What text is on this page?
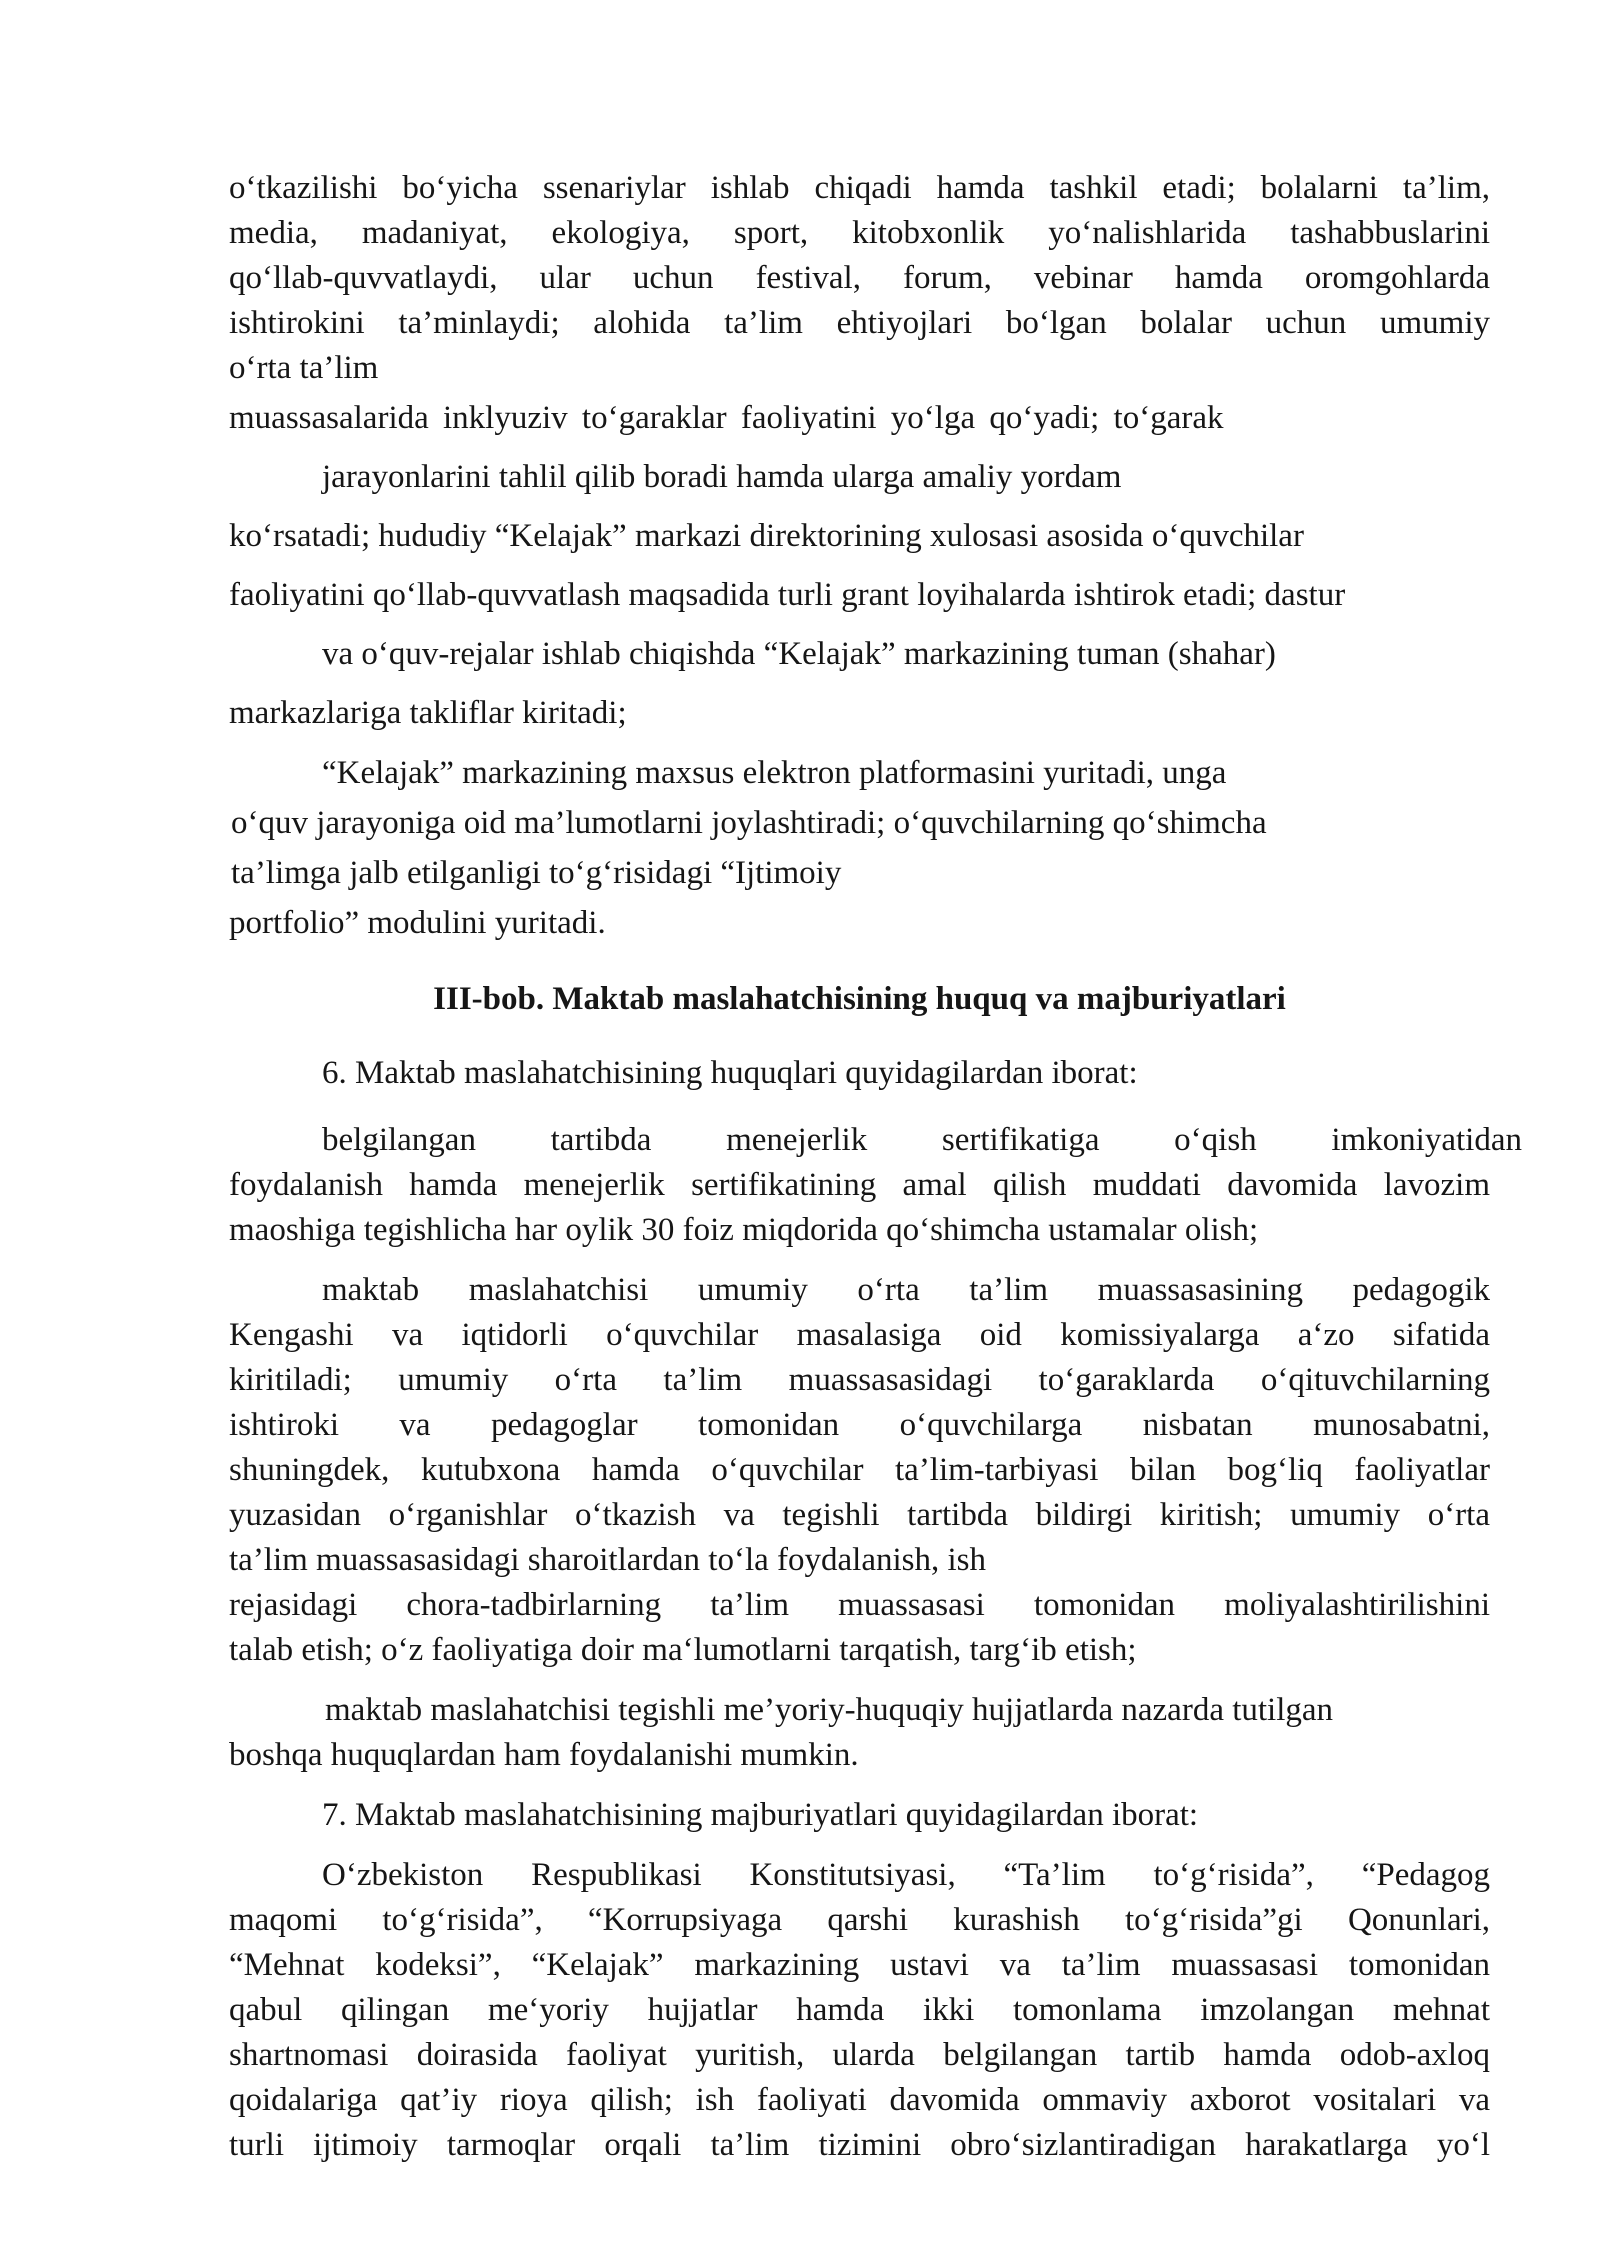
o‘tkazilishi bo‘yicha ssenariylar ishlab chiqadi hamda tashkil etadi; bolalarni ta’lim,
media, madaniyat, ekologiya, sport, kitobxonlik yo‘nalishlarida tashabbuslarini
qo‘llab-quvvatlaydi, ular uchun festival, forum, vebinar hamda oromgohlarda
ishtirokini ta’minlaydi; alohida ta’lim ehtiyojlari bo‘lgan bolalar uchun umumiy
o‘rta ta’lim
muassasalarida inklyuziv to‘garaklar faoliyatini yo‘lga qo‘yadi; to‘garak
jarayonlarini tahlil qilib boradi hamda ularga amaliy yordam
ko‘rsatadi; hududiy “Kelajak” markazi direktorining xulosasi asosida o‘quvchilar
faoliyatini qo‘llab-quvvatlash maqsadida turli grant loyihalarda ishtirok etadi; dastur
va o‘quv-rejalar ishlab chiqishda “Kelajak” markazining tuman (shahar)
markazlariga takliflar kiritadi;
“Kelajak” markazining maxsus elektron platformasini yuritadi, unga
o‘quv jarayoniga oid ma’lumotlarni joylashtiradi; o‘quvchilarning qo‘shimcha
ta’limga jalb etilganligi to‘g‘risidagi “Ijtimoiy
portfolio” modulini yuritadi.
III-bob. Maktab maslahatchisining huquq va majburiyatlari
6. Maktab maslahatchisining huquqlari quyidagilardan iborat:
belgilangan tartibda menejerlik sertifikatiga o‘qish imkoniyatidan
foydalanish hamda menejerlik sertifikatining amal qilish muddati davomida lavozim
maoshiga tegishlicha har oylik 30 foiz miqdorida qo‘shimcha ustamalar olish;
maktab maslahatchisi umumiy o‘rta ta’lim muassasasining pedagogik
Kengashi va iqtidorli o‘quvchilar masalasiga oid komissiyalarga a‘zo sifatida
kiritiladi; umumiy o‘rta ta’lim muassasasidagi to‘garaklarda o‘qituvchilarning
ishtiroki va pedagoglar tomonidan o‘quvchilarga nisbatan munosabatni,
shuningdek, kutubxona hamda o‘quvchilar ta’lim-tarbiyasi bilan bog‘liq faoliyatlar
yuzasidan o‘rganishlar o‘tkazish va tegishli tartibda bildirgi kiritish; umumiy o‘rta
ta’lim muassasasidagi sharoitlardan to‘la foydalanish, ish
rejasidagi chora-tadbirlarning ta’lim muassasasi tomonidan moliyalashtirilishini
talab etish; o‘z faoliyatiga doir ma‘lumotlarni tarqatish, targ‘ib etish;
maktab maslahatchisi tegishli me’yoriy-huquqiy hujjatlarda nazarda tutilgan
boshqa huquqlardan ham foydalanishi mumkin.
7. Maktab maslahatchisining majburiyatlari quyidagilardan iborat:
O‘zbekiston Respublikasi Konstitutsiyasi, “Ta’lim to‘g‘risida”, “Pedagog
maqomi to‘g‘risida”, “Korrupsiyaga qarshi kurashish to‘g‘risida”gi Qonunlari,
“Mehnat kodeksi”, “Kelajak” markazining ustavi va ta’lim muassasasi tomonidan
qabul qilingan me‘yoriy hujjatlar hamda ikki tomonlama imzolangan mehnat
shartnomasi doirasida faoliyat yuritish, ularda belgilangan tartib hamda odob-axloq
qoidalariga qat’iy rioya qilish; ish faoliyati davomida ommaviy axborot vositalari va
turli ijtimoiy tarmoqlar orqali ta’lim tizimini obro‘sizlantiradigan harakatlarga yo‘l
